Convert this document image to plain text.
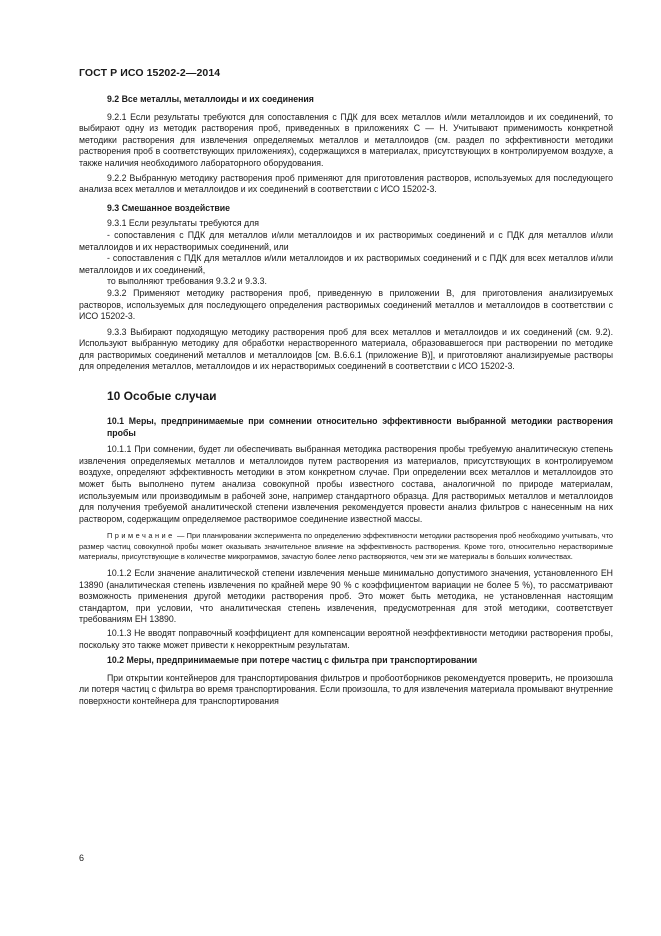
ГОСТ Р ИСО 15202-2—2014

9.2 Все металлы, металлоиды и их соединения

9.2.1 Если результаты требуются для сопоставления с ПДК для всех металлов и/или металлоидов и их соединений, то выбирают одну из методик растворения проб, приведенных в приложениях С — Н. Учитывают применимость конкретной методики растворения для извлечения определяемых металлов и металлоидов (см. раздел по эффективности методики растворения проб в соответствующих приложениях), содержащихся в материалах, присутствующих в контролируемом воздухе, а также наличия необходимого лабораторного оборудования.

9.2.2 Выбранную методику растворения проб применяют для приготовления растворов, используемых для последующего анализа всех металлов и металлоидов и их соединений в соответствии с ИСО 15202-3.

9.3 Смешанное воздействие

9.3.1 Если результаты требуются для

- сопоставления с ПДК для металлов и/или металлоидов и их растворимых соединений и с ПДК для металлов и/или металлоидов и их нерастворимых соединений, или

- сопоставления с ПДК для металлов и/или металлоидов и их растворимых соединений и с ПДК для всех металлов и/или металлоидов и их соединений,

то выполняют требования 9.3.2 и 9.3.3.

9.3.2 Применяют методику растворения проб, приведенную в приложении В, для приготовления анализируемых растворов, используемых для последующего определения растворимых соединений металлов и металлоидов в соответствии с ИСО 15202-3.

9.3.3 Выбирают подходящую методику растворения проб для всех металлов и металлоидов и их соединений (см. 9.2). Используют выбранную методику для обработки нерастворенного материала, образовавшегося при растворении по методике для растворимых соединений металлов и металлоидов [см. В.6.6.1 (приложение В)], и приготовляют анализируемые растворы для определения металлов, металлоидов и их нерастворимых соединений в соответствии с ИСО 15202-3.

10 Особые случаи

10.1 Меры, предпринимаемые при сомнении относительно эффективности выбранной методики растворения пробы

10.1.1 При сомнении, будет ли обеспечивать выбранная методика растворения пробы требуемую аналитическую степень извлечения определяемых металлов и металлоидов путем растворения из материалов, присутствующих в контролируемом воздухе, определяют эффективность методики в этом конкретном случае. При определении всех металлов и металлоидов это может быть выполнено путем анализа совокупной пробы известного состава, аналогичной по природе материалам, используемым или производимым в рабочей зоне, например стандартного образца. Для растворимых металлов и металлоидов для получения требуемой аналитической степени извлечения рекомендуется провести анализ фильтров с нанесенным на них раствором, содержащим определяемое растворимое соединение известной массы.

Примечание — При планировании эксперимента по определению эффективности методики растворения проб необходимо учитывать, что размер частиц совокупной пробы может оказывать значительное влияние на эффективность растворения. Кроме того, относительно нерастворимые материалы, присутствующие в количестве микрограммов, зачастую более легко растворяются, чем эти же материалы в больших количествах.

10.1.2 Если значение аналитической степени извлечения меньше минимально допустимого значения, установленного ЕН 13890 (аналитическая степень извлечения по крайней мере 90 % с коэффициентом вариации не более 5 %), то рассматривают возможность применения другой методики растворения проб. Это может быть методика, не установленная настоящим стандартом, при условии, что аналитическая степень извлечения, предусмотренная для этой методики, соответствует требованиям ЕН 13890.

10.1.3 Не вводят поправочный коэффициент для компенсации вероятной неэффективности методики растворения пробы, поскольку это также может привести к некорректным результатам.

10.2 Меры, предпринимаемые при потере частиц с фильтра при транспортировании

При открытии контейнеров для транспортирования фильтров и пробоотборников рекомендуется проверить, не произошла ли потеря частиц с фильтра во время транспортирования. Если произошла, то для извлечения материала промывают внутренние поверхности контейнера для транспортирования

6
